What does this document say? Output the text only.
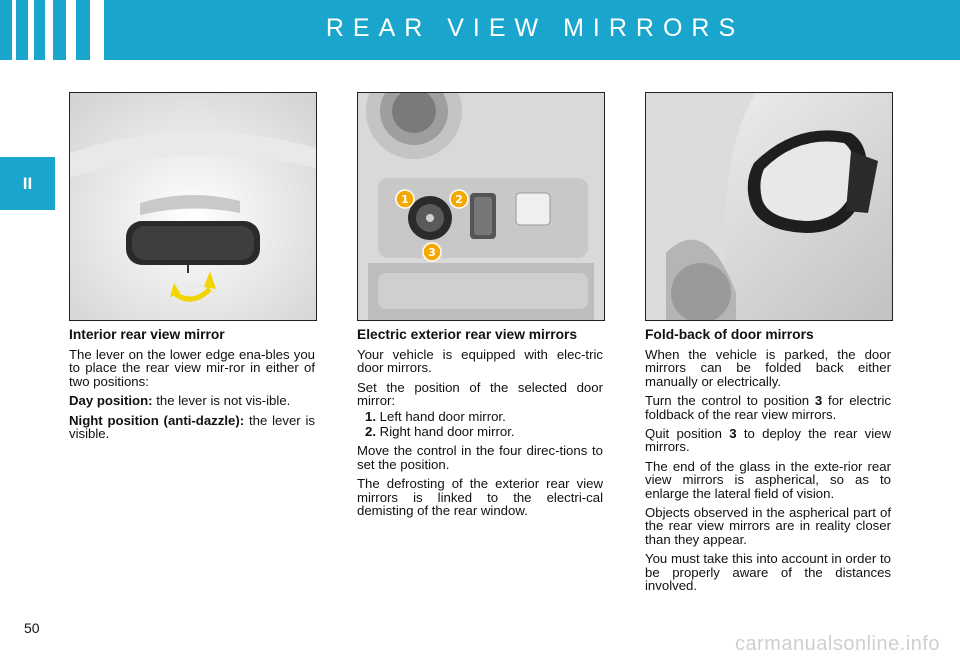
REAR VIEW MIRRORS
II
1	2
3
Interior rear view mirror

The lever on the lower edge ena-bles you to place the rear view mir-ror in either of two positions:

Day position: the lever is not vis-ible.

Night position (anti-dazzle): the lever is visible.

Electric exterior rear view mirrors

Your vehicle is equipped with elec-tric door mirrors.

Set the position of the selected door mirror:

1. Left hand door mirror.

2. Right hand door mirror.

Move the control in the four direc-tions to set the position.

The defrosting of the exterior rear view mirrors is linked to the electri-cal demisting of the rear window.

Fold-back of door mirrors

When the vehicle is parked, the door mirrors can be folded back either manually or electrically.

Turn the control to position 3 for electric foldback of the rear view mirrors.

Quit position 3 to deploy the rear view mirrors.

The end of the glass in the exte-rior rear view mirrors is aspherical, so as to enlarge the lateral field of vision.

Objects observed in the aspherical part of the rear view mirrors are in reality closer than they appear.

You must take this into account in order to be properly aware of the distances involved.

50
carmanualsonline.info
